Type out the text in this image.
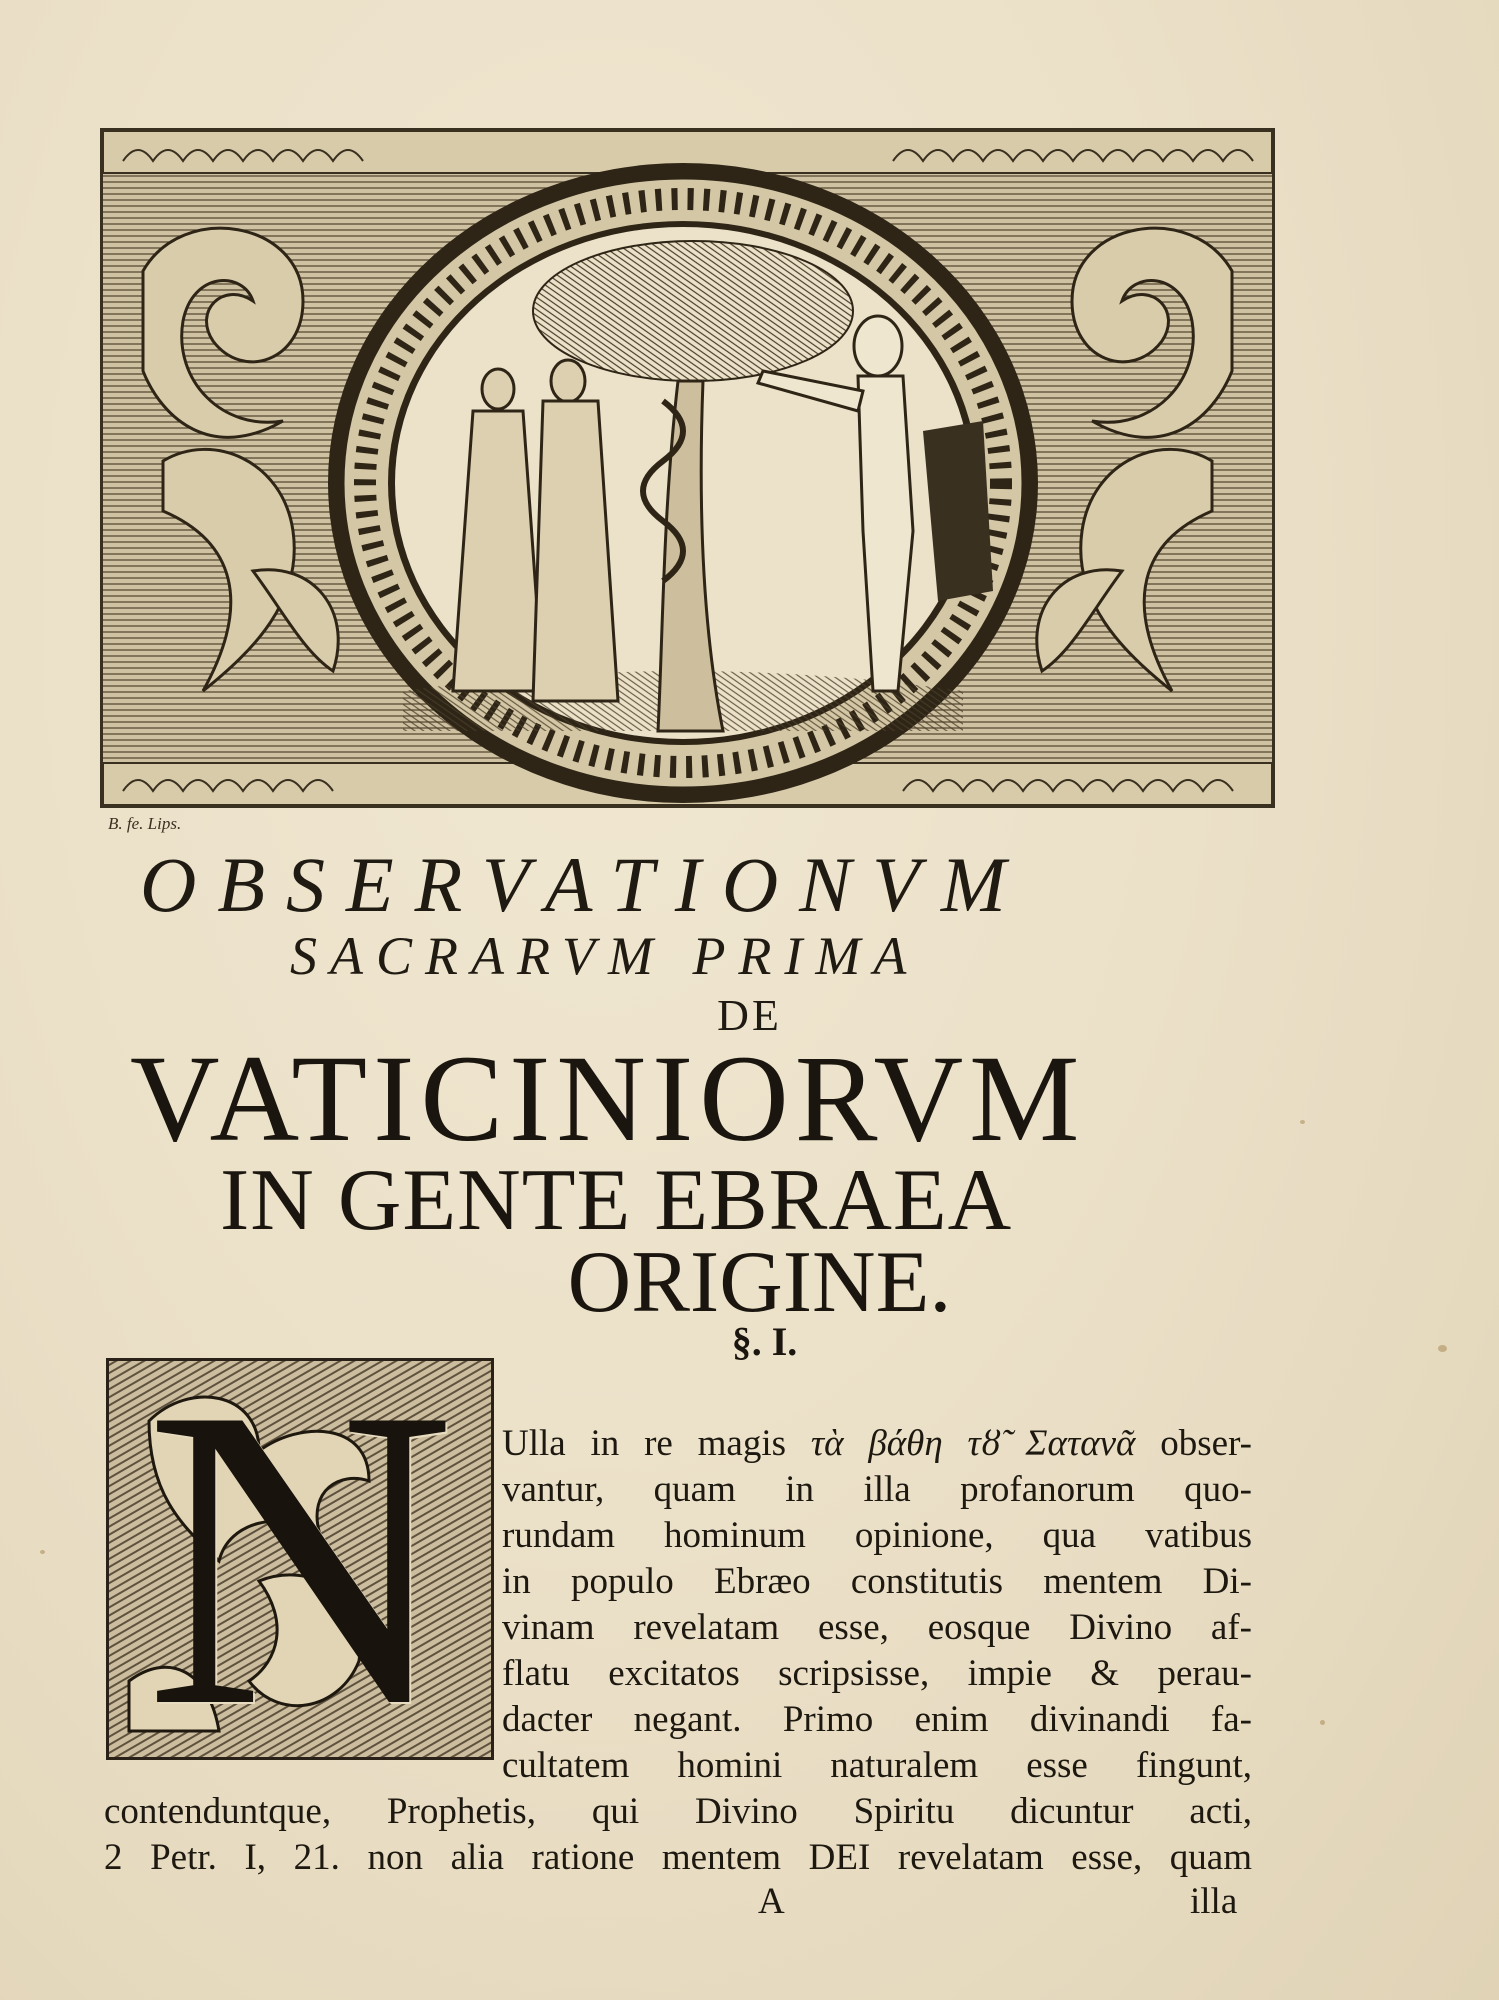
B. fe. Lips.
OBSERVATIONVM
SACRARVM PRIMA
DE
VATICINIORVM
IN GENTE EBRAEA
ORIGINE.
§. I.
N	Ulla in re magis τὰ βάθη τȣ̃ Σατανᾶ obser-
vantur, quam in illa profanorum quo-
rundam hominum opinione, qua vatibus
in populo Ebræo constitutis mentem Di-
vinam revelatam esse, eosque Divino af-
flatu excitatos scripsisse, impie & perau-
dacter negant. Primo enim divinandi fa-
cultatem homini naturalem esse fingunt,
contenduntque, Prophetis, qui Divino Spiritu dicuntur acti,
2 Petr. I, 21. non alia ratione mentem DEI revelatam esse, quam
A	illa
